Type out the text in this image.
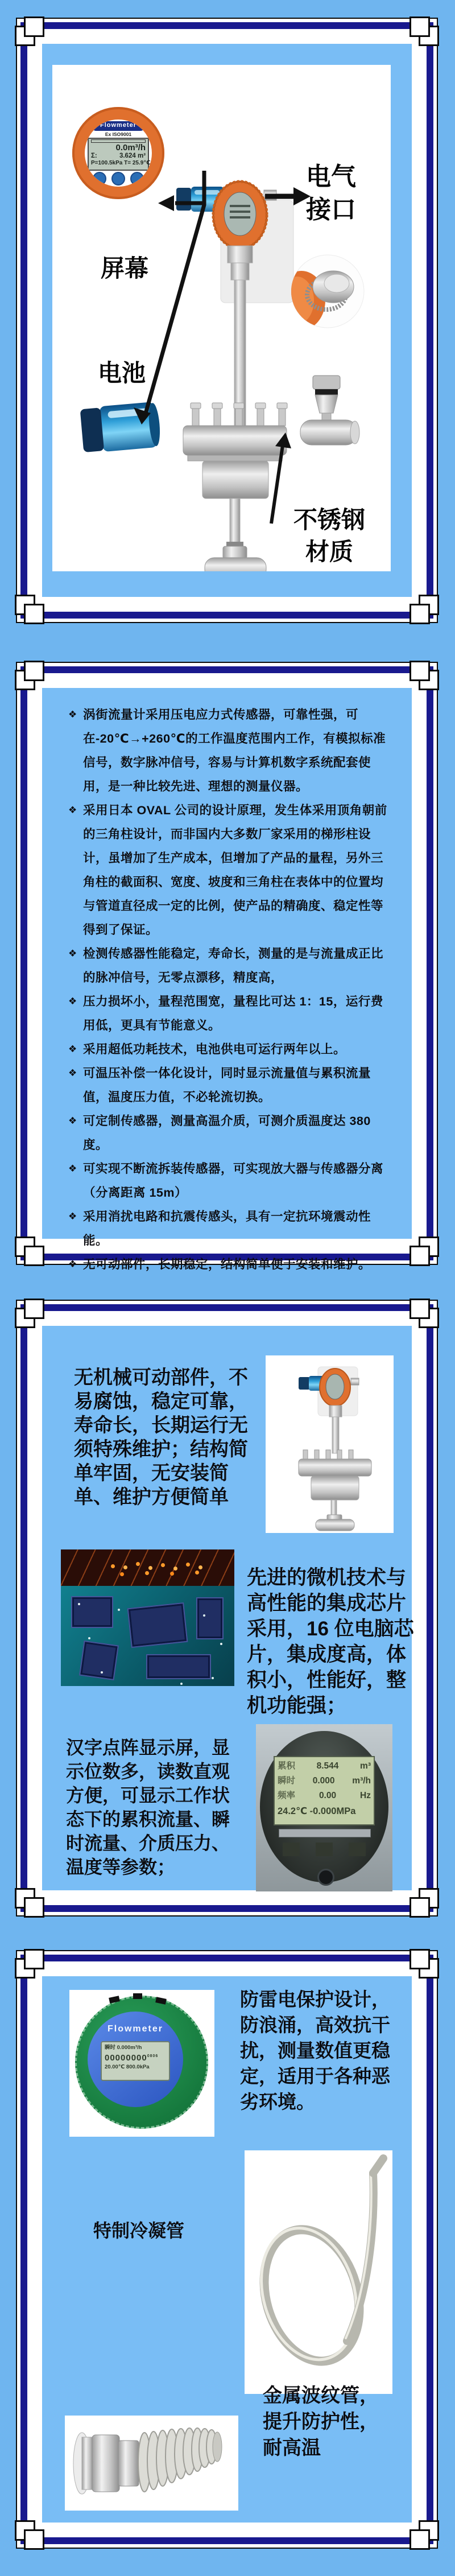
Flowmeter
Ex ISO9001
0.0m³/h
Σ:	3.624 m³
P=100.5kPa T= 25.9℃
屏幕
电气
接口
电池
不锈钢
材质
❖ 涡街流量计采用压电应力式传感器，可靠性强，可在-20℃→+260℃的工作温度范围内工作，有模拟标准信号，数字脉冲信号，容易与计算机数字系统配套使用，是一种比较先进、理想的测量仪器。
❖ 采用日本 OVAL 公司的设计原理，发生体采用顶角朝前的三角柱设计，而非国内大多数厂家采用的梯形柱设计，虽增加了生产成本，但增加了产品的量程，另外三角柱的截面积、宽度、坡度和三角柱在表体中的位置均与管道直径成一定的比例，使产品的精确度、稳定性等得到了保证。
❖ 检测传感器性能稳定，寿命长，测量的是与流量成正比的脉冲信号，无零点漂移，精度高，
❖ 压力损坏小，量程范围宽，量程比可达 1：15，运行费用低，更具有节能意义。
❖ 采用超低功耗技术，电池供电可运行两年以上。
❖ 可温压补偿一体化设计，同时显示流量值与累积流量值，温度压力值，不必轮流切换。
❖ 可定制传感器，测量高温介质，可测介质温度达 380 度。
❖ 可实现不断流拆装传感器，可实现放大器与传感器分离（分离距离 15m）
❖ 采用消扰电路和抗震传感头，具有一定抗环境震动性能。
❖ 无可动部件，长期稳定，结构简单便于安装和维护。
无机械可动部件，不易腐蚀，稳定可靠，寿命长，长期运行无须特殊维护；结构简单牢固，无安装简单、维护方便简单
先进的微机技术与高性能的集成芯片采用，16 位电脑芯片，集成度高，体积小，性能好，整机功能强；
汉字点阵显示屏，显示位数多，读数直观方便，可显示工作状态下的累积流量、瞬时流量、介质压力、温度等参数；
累积 8.544 m³
瞬时 0.000 m³/h
频率	0.00	Hz
24.2℃ -0.000MPa
Flowmeter
瞬时 0.000m³/h
$00000000^{0806}$
20.00℃ 800.0kPa
防雷电保护设计，防浪涌，高效抗干扰，测量数值更稳定，适用于各种恶劣环境。
特制冷凝管
金属波纹管，提升防护性，耐高温
